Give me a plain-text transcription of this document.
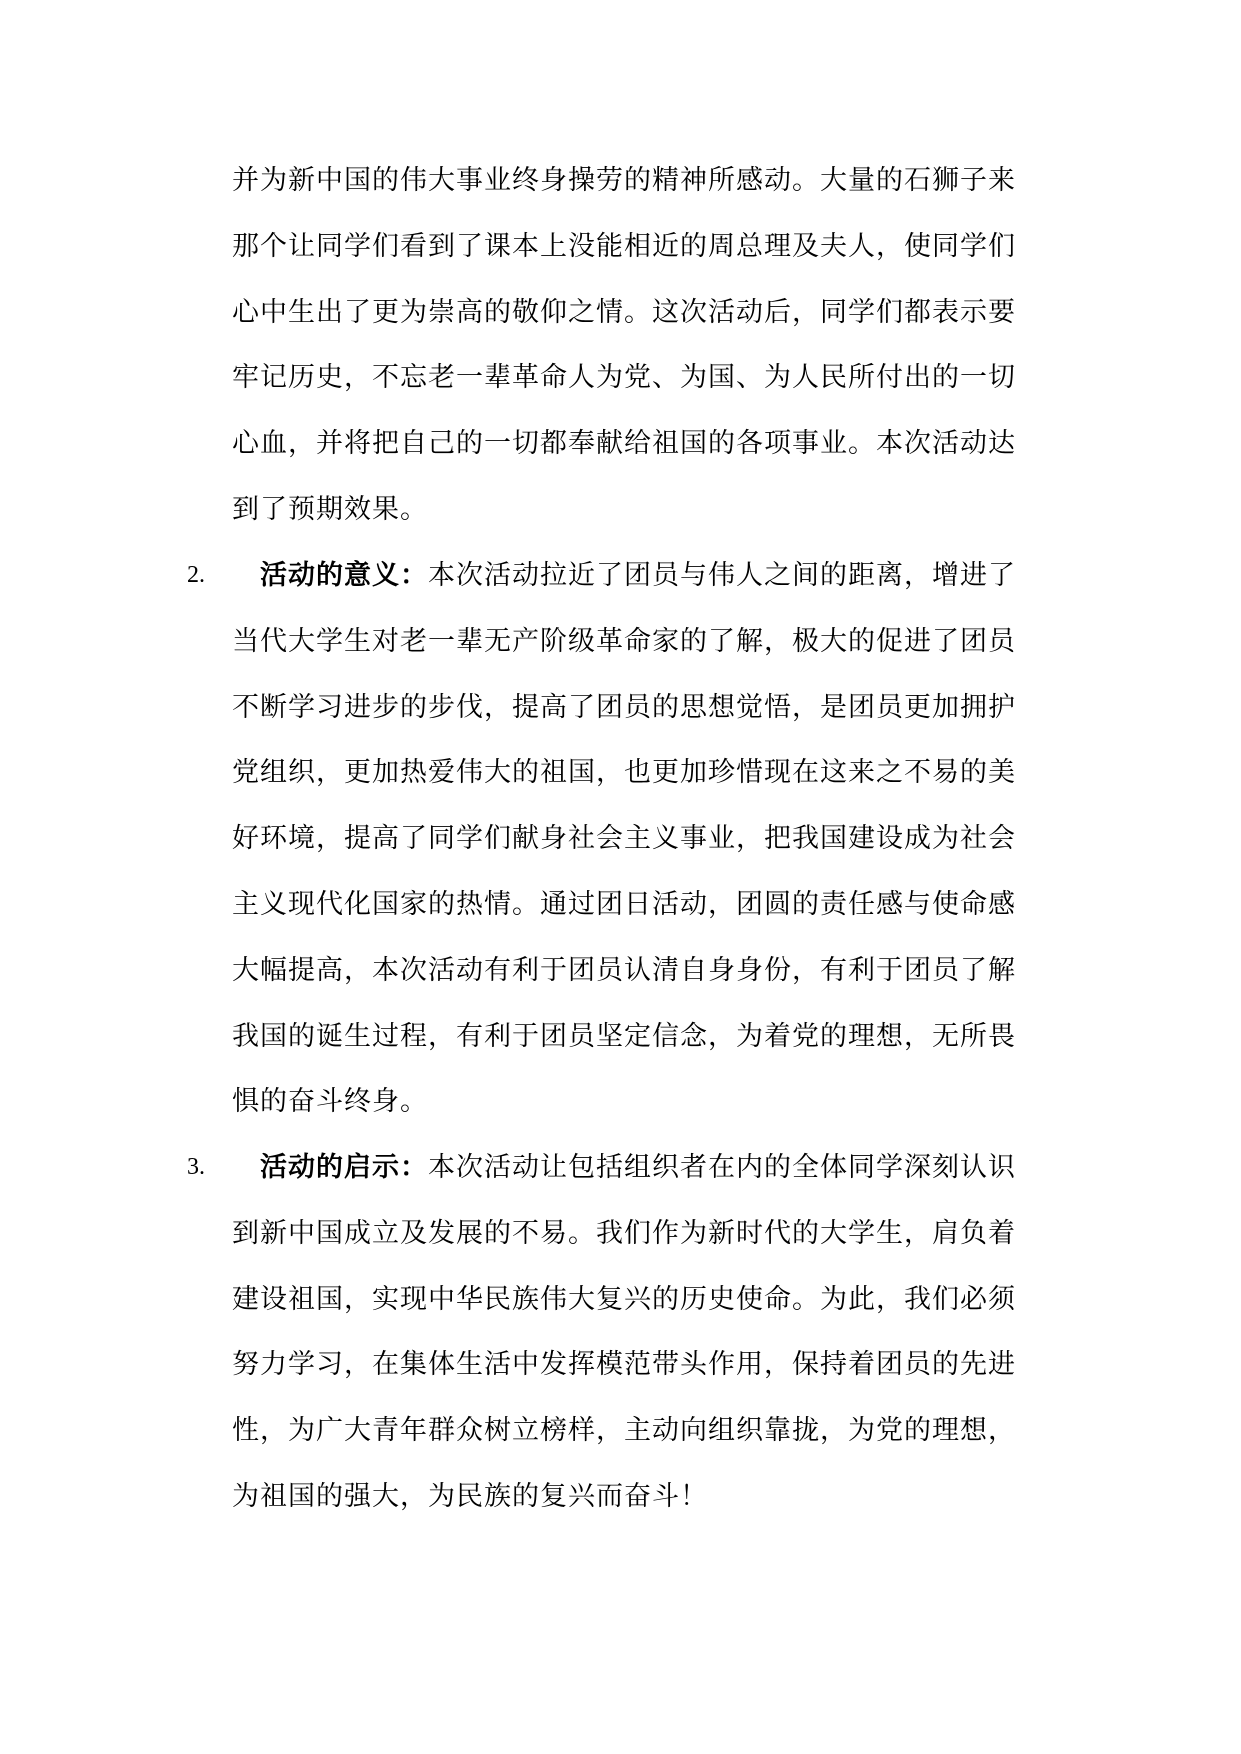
并为新中国的伟大事业终身操劳的精神所感动。大量的石狮子来
那个让同学们看到了课本上没能相近的周总理及夫人，使同学们
心中生出了更为崇高的敬仰之情。这次活动后，同学们都表示要
牢记历史，不忘老一辈革命人为党、为国、为人民所付出的一切
心血，并将把自己的一切都奉献给祖国的各项事业。本次活动达
到了预期效果。
2.	活动的意义：本次活动拉近了团员与伟人之间的距离，增进了
当代大学生对老一辈无产阶级革命家的了解，极大的促进了团员
不断学习进步的步伐，提高了团员的思想觉悟，是团员更加拥护
党组织，更加热爱伟大的祖国，也更加珍惜现在这来之不易的美
好环境，提高了同学们献身社会主义事业，把我国建设成为社会
主义现代化国家的热情。通过团日活动，团圆的责任感与使命感
大幅提高，本次活动有利于团员认清自身身份，有利于团员了解
我国的诞生过程，有利于团员坚定信念，为着党的理想，无所畏
惧的奋斗终身。
3.	活动的启示：本次活动让包括组织者在内的全体同学深刻认识
到新中国成立及发展的不易。我们作为新时代的大学生，肩负着
建设祖国，实现中华民族伟大复兴的历史使命。为此，我们必须
努力学习，在集体生活中发挥模范带头作用，保持着团员的先进
性，为广大青年群众树立榜样，主动向组织靠拢，为党的理想，
为祖国的强大，为民族的复兴而奋斗！
